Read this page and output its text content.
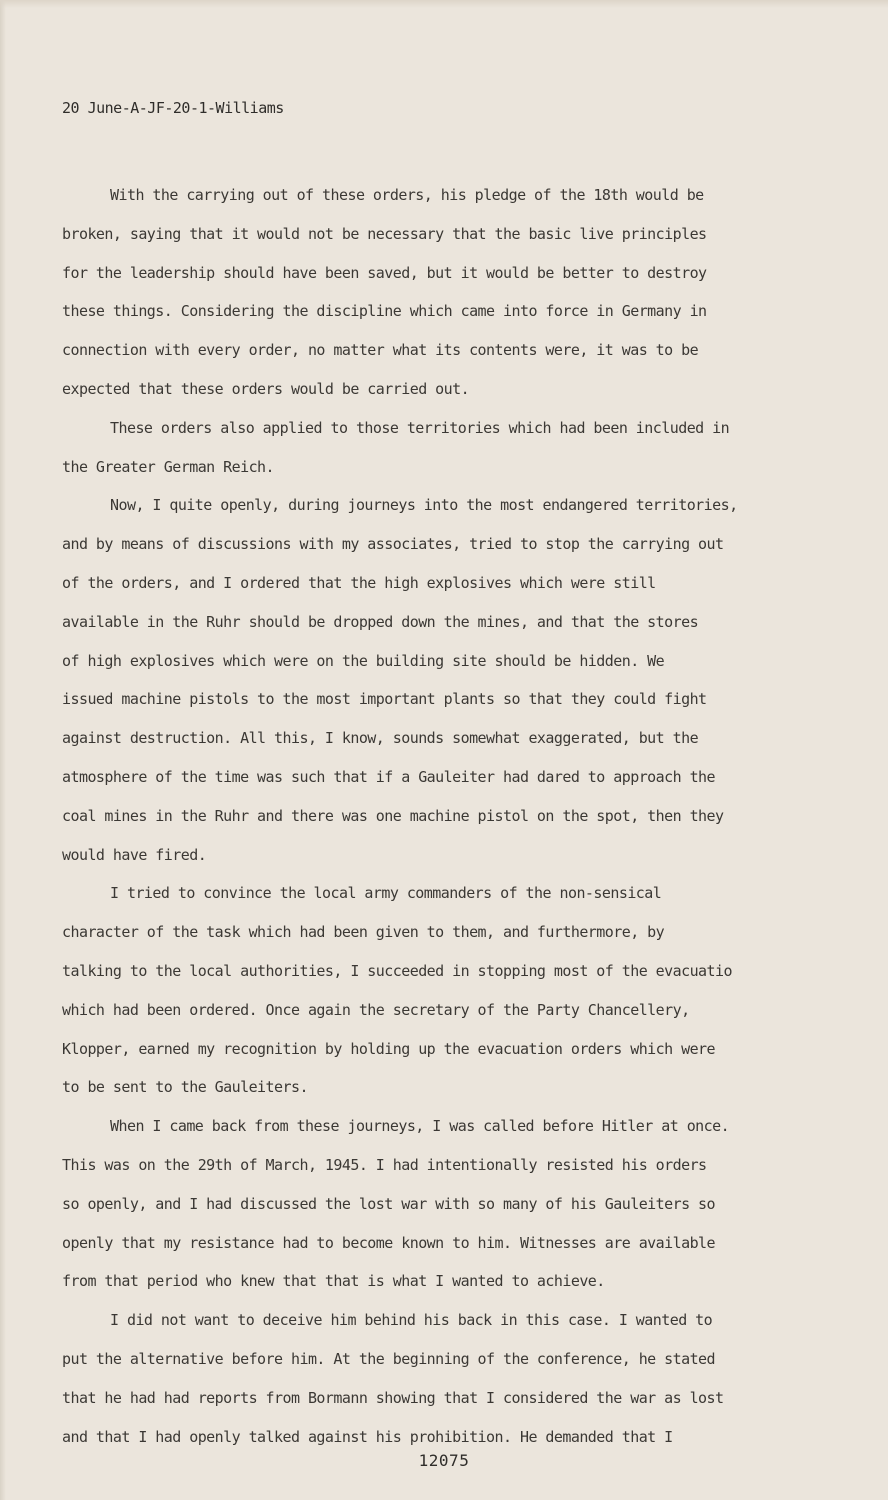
20 June-A-JF-20-1-Williams
With the carrying out of these orders, his pledge of the 18th would be
broken, saying that it would not be necessary that the basic live principles
for the leadership should have been saved, but it would be better to destroy
these things. Considering the discipline which came into force in Germany in
connection with every order, no matter what its contents were, it was to be
expected that these orders would be carried out.
These orders also applied to those territories which had been included in
the Greater German Reich.
Now, I quite openly, during journeys into the most endangered territories,
and by means of discussions with my associates, tried to stop the carrying out
of the orders, and I ordered that the high explosives which were still
available in the Ruhr should be dropped down the mines, and that the stores
of high explosives which were on the building site should be hidden. We
issued machine pistols to the most important plants so that they could fight
against destruction. All this, I know, sounds somewhat exaggerated, but the
atmosphere of the time was such that if a Gauleiter had dared to approach the
coal mines in the Ruhr and there was one machine pistol on the spot, then they
would have fired.
I tried to convince the local army commanders of the non-sensical
character of the task which had been given to them, and furthermore, by
talking to the local authorities, I succeeded in stopping most of the evacuatio
which had been ordered. Once again the secretary of the Party Chancellery,
Klopper, earned my recognition by holding up the evacuation orders which were
to be sent to the Gauleiters.
When I came back from these journeys, I was called before Hitler at once.
This was on the 29th of March, 1945. I had intentionally resisted his orders
so openly, and I had discussed the lost war with so many of his Gauleiters so
openly that my resistance had to become known to him. Witnesses are available
from that period who knew that that is what I wanted to achieve.
I did not want to deceive him behind his back in this case. I wanted to
put the alternative before him. At the beginning of the conference, he stated
that he had had reports from Bormann showing that I considered the war as lost
and that I had openly talked against his prohibition. He demanded that I
12075
